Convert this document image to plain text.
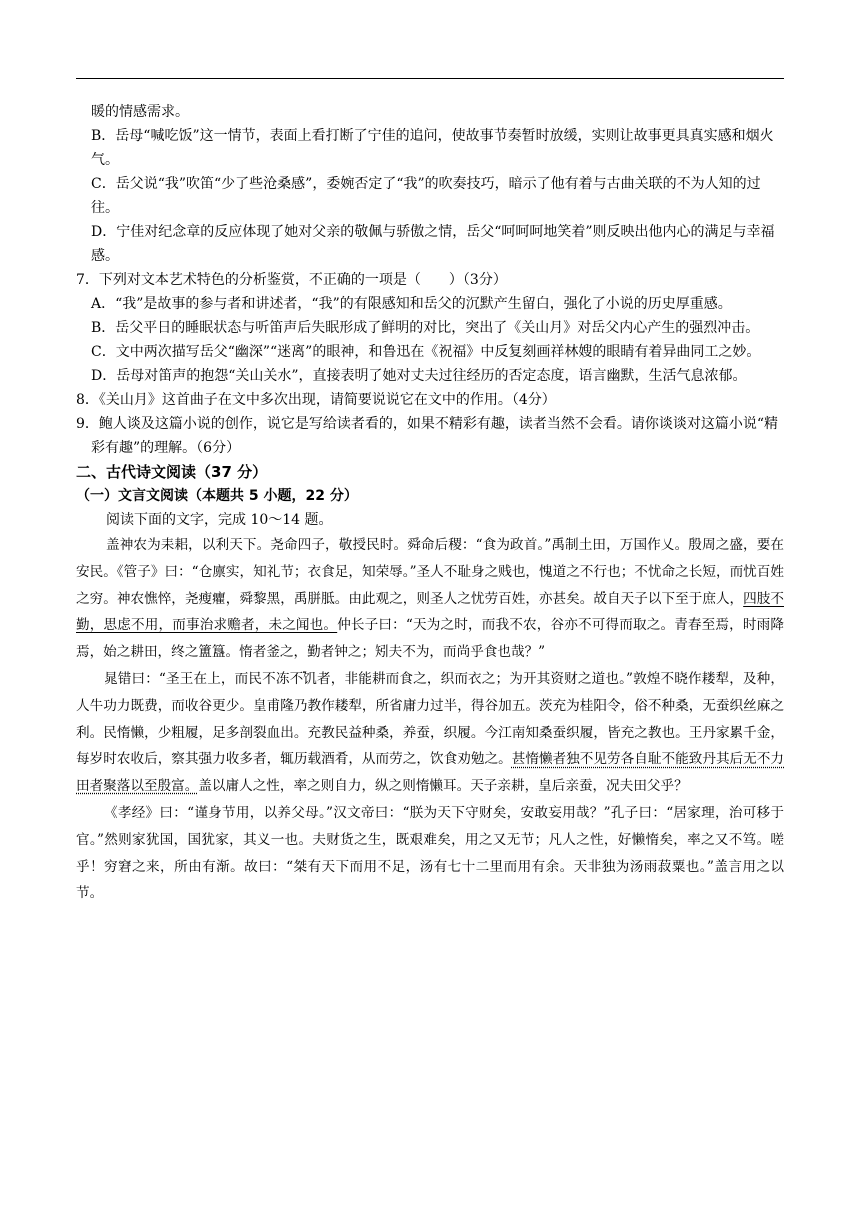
暖的情感需求。

B．岳母“喊吃饭”这一情节，表面上看打断了宁佳的追问，使故事节奏暂时放缓，实则让故事更具真实感和烟火气。

C．岳父说“我”吹笛“少了些沧桑感”，委婉否定了“我”的吹奏技巧，暗示了他有着与古曲关联的不为人知的过往。

D．宁佳对纪念章的反应体现了她对父亲的敬佩与骄傲之情，岳父“呵呵呵地笑着”则反映出他内心的满足与幸福感。

7．下列对文本艺术特色的分析鉴赏，不正确的一项是（　　）（3分）

A．“我”是故事的参与者和讲述者，“我”的有限感知和岳父的沉默产生留白，强化了小说的历史厚重感。

B．岳父平日的睡眠状态与听笛声后失眠形成了鲜明的对比，突出了《关山月》对岳父内心产生的强烈冲击。

C．文中两次描写岳父“幽深”“迷离”的眼神，和鲁迅在《祝福》中反复刻画祥林嫂的眼睛有着异曲同工之妙。

D．岳母对笛声的抱怨“关山关水”，直接表明了她对丈夫过往经历的否定态度，语言幽默，生活气息浓郁。

8．《关山月》这首曲子在文中多次出现，请简要说说它在文中的作用。（4分）

9．鲍人谈及这篇小说的创作，说它是写给读者看的，如果不精彩有趣，读者当然不会看。请你谈谈对这篇小说“精彩有趣”的理解。（6分）

二、古代诗文阅读（37 分）

（一）文言文阅读（本题共 5 小题，22 分）

阅读下面的文字，完成 10～14 题。

盖神农为耒耜，以利天下。尧命四子，敬授民时。舜命后稷：“食为政首。”禹制土田，万国作乂。殷周之盛，要在安民。《管子》曰：“仓廪实，知礼节；衣食足，知荣辱。”圣人不耻身之贱也，愧道之 .不行也；不忧命之长短，而忧百姓之穷。神农憔悴，尧瘦癯，舜黎黑，禹胼胝。由此观之，则圣人之忧劳百姓，亦甚矣。故自天子以下至于庶人，四肢不勤，思虑不用，而事治求赡者，未之闻也。仲长子曰：“天为之时，而我不农，谷亦不可得而取之。青春至焉，时雨降焉，始之耕田，终之簠簋。惰者釜 .之，勤者钟之；矧夫不为，而尚乎食也哉？”

晁错曰：“圣王在上，而民不冻不饥者，非能耕而食之，织而衣之；为开其资财之道也。”敦煌不晓作耧犁，及种，人牛功力既费，而收谷更少。皇甫隆乃教作耧犁，所省庸力过半，得谷加五。茨充为桂阳令，俗不种桑，无蚕织丝麻之利。民惰懒，少粗履，足多剖裂血出。充教民益种桑，养蚕，织履。今江南知桑蚕织履，皆充之教也。王丹家累千金，每岁时农收后，察其强力收多者，辄历载酒肴，从而劳之，饮食劝勉之。甚惰懒者独不见劳各自耻不能致丹其后无不力田者聚落以至殷富。盖以庸人之性，率之则自力，纵之则惰懒耳。天子亲耕，皇后亲蚕，况夫田父乎？

《孝经》曰：“谨身节用，以养父母。”汉文帝曰：“朕为天下守财矣，安敢妄用哉？”孔子曰：“居家理，治可移于官。”然则家犹国，国犹家，其义一也。夫财货之生，既艰难矣，用之又无节；凡人之性，好懒惰矣，率 .之又不笃。嗟乎！穷窘之来，所由有渐。故曰：“桀有天下而用不足，汤有七十二里而用有余。天非独为汤雨菽粟也。”盖言用之以节。
